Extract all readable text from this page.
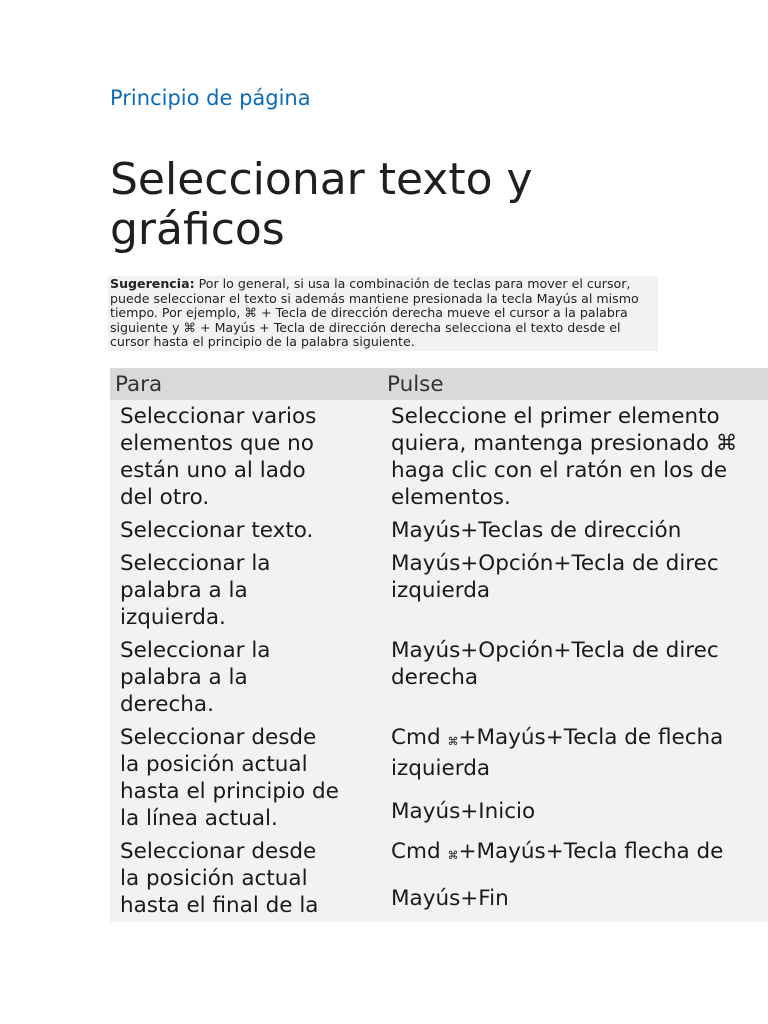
Principio de página
Seleccionar texto y gráficos
Sugerencia: Por lo general, si usa la combinación de teclas para mover el cursor, puede seleccionar el texto si además mantiene presionada la tecla Mayús al mismo tiempo. Por ejemplo, ⌘ + Tecla de dirección derecha mueve el cursor a la palabra siguiente y ⌘ + Mayús + Tecla de dirección derecha selecciona el texto desde el cursor hasta el principio de la palabra siguiente.
Para	Pulse

Seleccionar varios
elementos que no
están uno al lado
del otro.	Seleccione el primer elemento
quiera, mantenga presionado ⌘
haga clic con el ratón en los de
elementos.

Seleccionar texto.	Mayús+Teclas de dirección

Seleccionar la
palabra a la
izquierda.	Mayús+Opción+Tecla de direc
izquierda

Seleccionar la
palabra a la
derecha.	Mayús+Opción+Tecla de direc
derecha

Seleccionar desde
la posición actual
hasta el principio de
la línea actual.	Cmd ⌘+Mayús+Tecla de flecha
izquierda
Mayús+Inicio

Seleccionar desde
la posición actual
hasta el final de la	Cmd ⌘+Mayús+Tecla flecha de
Mayús+Fin
